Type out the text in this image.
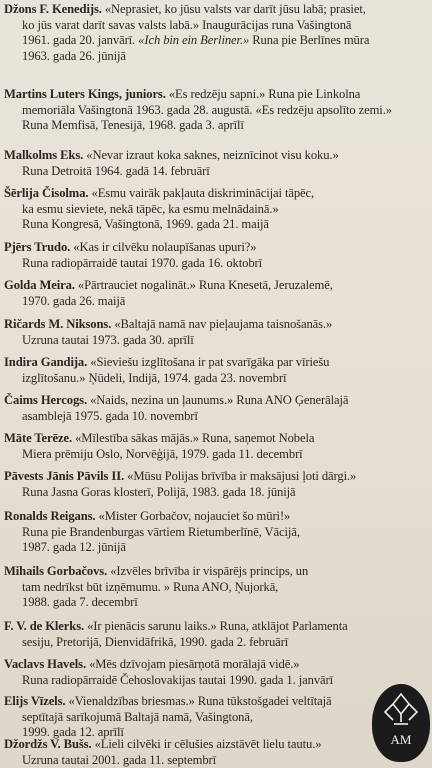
Džons F. Kenedijs. «Neprasiet, ko jūsu valsts var darīt jūsu labā; prasiet,
ko jūs varat darīt savas valsts labā.» Inaugurācijas runa Vašingtonā
1961. gada 20. janvārī. «Ich bin ein Berliner.» Runa pie Berlīnes mūra
1963. gada 26. jūnijā
Martins Luters Kings, juniors. «Es redzēju sapni.» Runa pie Linkolna
memoriāla Vašingtonā 1963. gada 28. augustā. «Es redzēju apsolīto zemi.»
Runa Memfisā, Tenesijā, 1968. gada 3. aprīlī
Malkolms Eks. «Nevar izraut koka saknes, neiznīcinot visu koku.»
Runa Detroitā 1964. gadā 14. februārī
Šērlija Čisolma. «Esmu vairāk pakļauta diskriminācijai tāpēc,
ka esmu sieviete, nekā tāpēc, ka esmu melnādainā.»
Runa Kongresā, Vašingtonā, 1969. gada 21. maijā
Pjērs Trudo. «Kas ir cilvēku nolaupīšanas upuri?»
Runa radiopārraidē tautai 1970. gada 16. oktobrī
Golda Meira. «Pārtrauciet nogalināt.» Runa Knesetā, Jeruzalemē,
1970. gada 26. maijā
Ričards M. Niksons. «Baltajā namā nav pieļaujama taisnošanās.»
Uzruna tautai 1973. gada 30. aprīlī
Indira Gandija. «Sieviešu izglītošana ir pat svarīgāka par vīriešu
izglītošanu.» Ņūdeli, Indijā, 1974. gada 23. novembrī
Čaims Hercogs. «Naids, nezina un ļaunums.» Runa ANO Ģenerālajā
asamblejā 1975. gada 10. novembrī
Māte Terēze. «Mīlestība sākas mājās.» Runa, saņemot Nobela
Miera prēmiju Oslo, Norvēģijā, 1979. gada 11. decembrī
Pāvests Jānis Pāvils II. «Mūsu Polijas brīvība ir maksājusi ļoti dārgi.»
Runa Jasna Goras klosterī, Polijā, 1983. gada 18. jūnijā
Ronalds Reigans. «Mister Gorbačov, nojauciet šo mūri!»
Runa pie Brandenburgas vārtiem Rietumberlīnē, Vācijā,
1987. gada 12. jūnijā
Mihails Gorbačovs. «Izvēles brīvība ir vispārējs princips, un
tam nedrīkst būt izņēmumu. » Runa ANO, Ņujorkā,
1988. gada 7. decembrī
F. V. de Klerks. «Ir pienācis sarunu laiks.» Runa, atklājot Parlamenta
sesiju, Pretorijā, Dienvidāfrikā, 1990. gada 2. februārī
Vaclavs Havels. «Mēs dzīvojam piesārņotā morālajā vidē.»
Runa radiopārraidē Čehoslovakijas tautai 1990. gada 1. janvārī
Elijs Vīzels. «Vienaldzības briesmas.» Runa tūkstošgadei veltītajā
septītajā sarīkojumā Baltajā namā, Vašingtonā,
1999. gada 12. aprīlī
Džordžs V. Bušs. «Lieli cilvēki ir cēlušies aizstāvēt lielu tautu.»
Uzruna tautai 2001. gada 11. septembrī
AM
